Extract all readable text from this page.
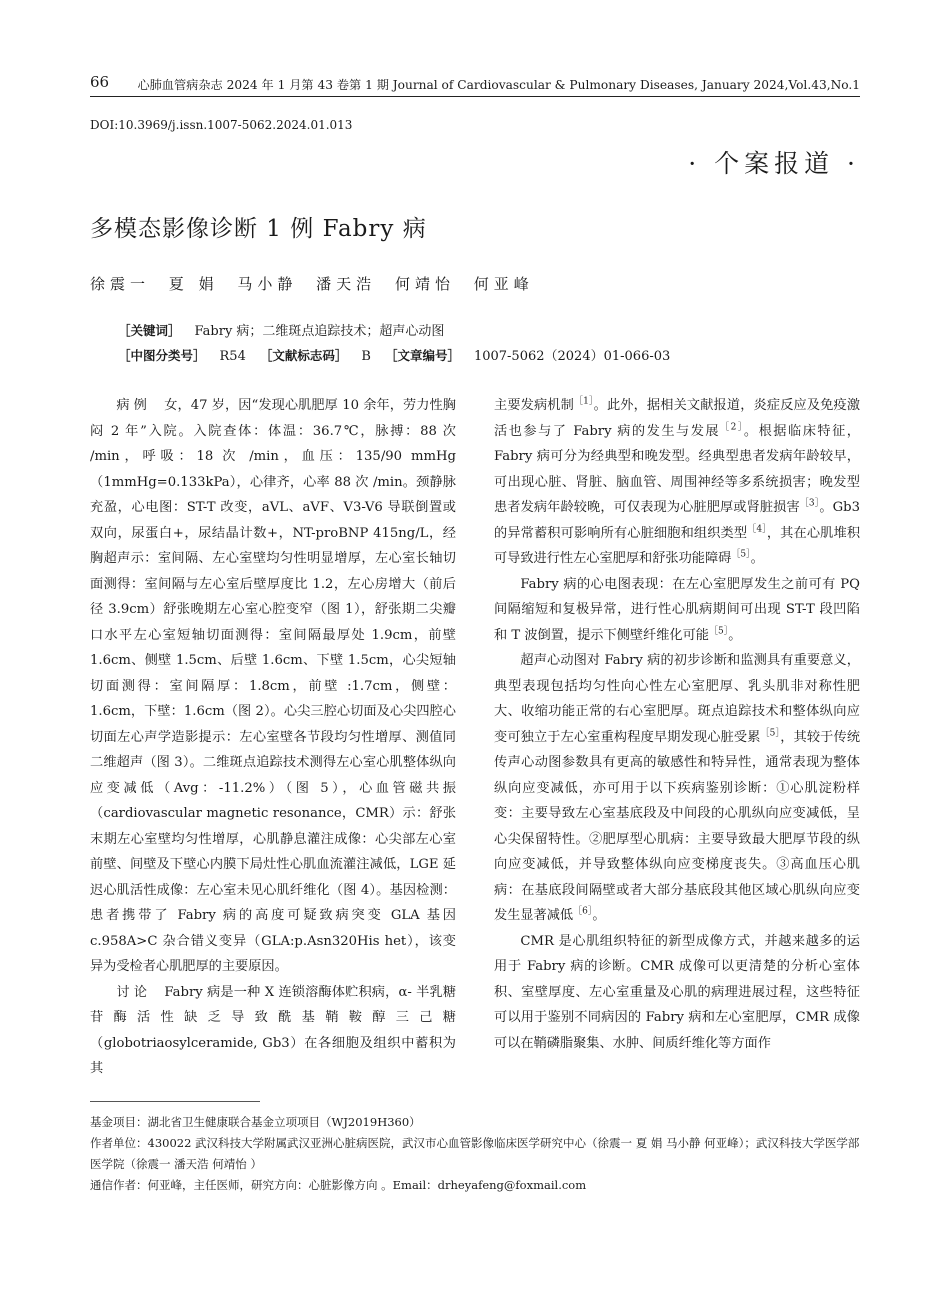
66 心肺血管病杂志 2024 年 1 月第 43 卷第 1 期 Journal of Cardiovascular & Pulmonary Diseases, January 2024,Vol.43,No.1
DOI:10.3969/j.issn.1007-5062.2024.01.013
· 个案报道 ·
多模态影像诊断 1 例 Fabry 病
徐震一 夏 娟 马小静 潘天浩 何靖怡 何亚峰
［关键词］ Fabry 病；二维斑点追踪技术；超声心动图
［中图分类号］ R54 ［文献标志码］ B ［文章编号］ 1007-5062（2024）01-066-03

病例　 女，47 岁，因“发现心肌肥厚 10 余年，劳力性胸闷 2 年”入院。入院查体：体温：36.7℃，脉搏：88 次 /min，呼吸：18 次 /min，血压：135/90 mmHg（1mmHg=0.133kPa），心律齐，心率 88 次 /min。颈静脉充盈，心电图：ST-T 改变，aVL、aVF、V3-V6 导联倒置或双向，尿蛋白+，尿结晶计数+，NT-proBNP 415ng/L，经胸超声示：室间隔、左心室壁均匀性明显增厚，左心室长轴切面测得：室间隔与左心室后壁厚度比 1.2，左心房增大（前后径 3.9cm）舒张晚期左心室心腔变窄（图 1），舒张期二尖瓣口水平左心室短轴切面测得：室间隔最厚处 1.9cm，前壁 1.6cm、侧壁 1.5cm、后壁 1.6cm、下壁 1.5cm，心尖短轴切面测得：室间隔厚：1.8cm，前壁 :1.7cm，侧壁：1.6cm，下壁：1.6cm（图 2）。心尖三腔心切面及心尖四腔心切面左心声学造影提示：左心室壁各节段均匀性增厚、测值同二维超声（图 3）。二维斑点追踪技术测得左心室心肌整体纵向应变减低（Avg：-11.2%）（图 5），心血管磁共振（cardiovascular magnetic resonance，CMR）示：舒张末期左心室壁均匀性增厚，心肌静息灌注成像：心尖部左心室前壁、间壁及下壁心内膜下局灶性心肌血流灌注减低，LGE 延迟心肌活性成像：左心室未见心肌纤维化（图 4）。基因检测：患者携带了 Fabry 病的高度可疑致病突变 GLA 基因 c.958A>C 杂合错义变异（GLA:p.Asn320His het），该变异为受检者心肌肥厚的主要原因。

讨论　 Fabry 病是一种 X 连锁溶酶体贮积病，α- 半乳糖苷酶活性缺乏导致酰基鞘鞍醇三己糖（globotriaosylceramide, Gb3）在各细胞及组织中蓄积为其

主要发病机制$^{[1]}$。此外，据相关文献报道，炎症反应及免疫激活也参与了 Fabry 病的发生与发展$^{[2]}$。根据临床特征，Fabry 病可分为经典型和晚发型。经典型患者发病年龄较早，可出现心脏、肾脏、脑血管、周围神经等多系统损害；晚发型患者发病年龄较晚，可仅表现为心脏肥厚或肾脏损害$^{[3]}$。Gb3 的异常蓄积可影响所有心脏细胞和组织类型$^{[4]}$，其在心肌堆积可导致进行性左心室肥厚和舒张功能障碍$^{[5]}$。

Fabry 病的心电图表现：在左心室肥厚发生之前可有 PQ 间隔缩短和复极异常，进行性心肌病期间可出现 ST-T 段凹陷和 T 波倒置，提示下侧壁纤维化可能$^{[5]}$。

超声心动图对 Fabry 病的初步诊断和监测具有重要意义，典型表现包括均匀性向心性左心室肥厚、乳头肌非对称性肥大、收缩功能正常的右心室肥厚。斑点追踪技术和整体纵向应变可独立于左心室重构程度早期发现心脏受累$^{[5]}$，其较于传统传声心动图参数具有更高的敏感性和特异性，通常表现为整体纵向应变减低，亦可用于以下疾病鉴别诊断：①心肌淀粉样变：主要导致左心室基底段及中间段的心肌纵向应变减低，呈心尖保留特性。②肥厚型心肌病：主要导致最大肥厚节段的纵向应变减低，并导致整体纵向应变梯度丧失。③高血压心肌病：在基底段间隔壁或者大部分基底段其他区域心肌纵向应变发生显著减低$^{[6]}$。

CMR 是心肌组织特征的新型成像方式，并越来越多的运用于 Fabry 病的诊断。CMR 成像可以更清楚的分析心室体积、室壁厚度、左心室重量及心肌的病理进展过程，这些特征可以用于鉴别不同病因的 Fabry 病和左心室肥厚，CMR 成像可以在鞘磷脂聚集、水肿、间质纤维化等方面作

基金项目：湖北省卫生健康联合基金立项项目（WJ2019H360）
作者单位：430022 武汉科技大学附属武汉亚洲心脏病医院，武汉市心血管影像临床医学研究中心（徐震一 夏 娟 马小静 何亚峰）；武汉科技大学医学部医学院（徐震一 潘天浩 何靖怡 ）
通信作者：何亚峰，主任医师，研究方向：心脏影像方向 。Email：drheyafeng@foxmail.com
